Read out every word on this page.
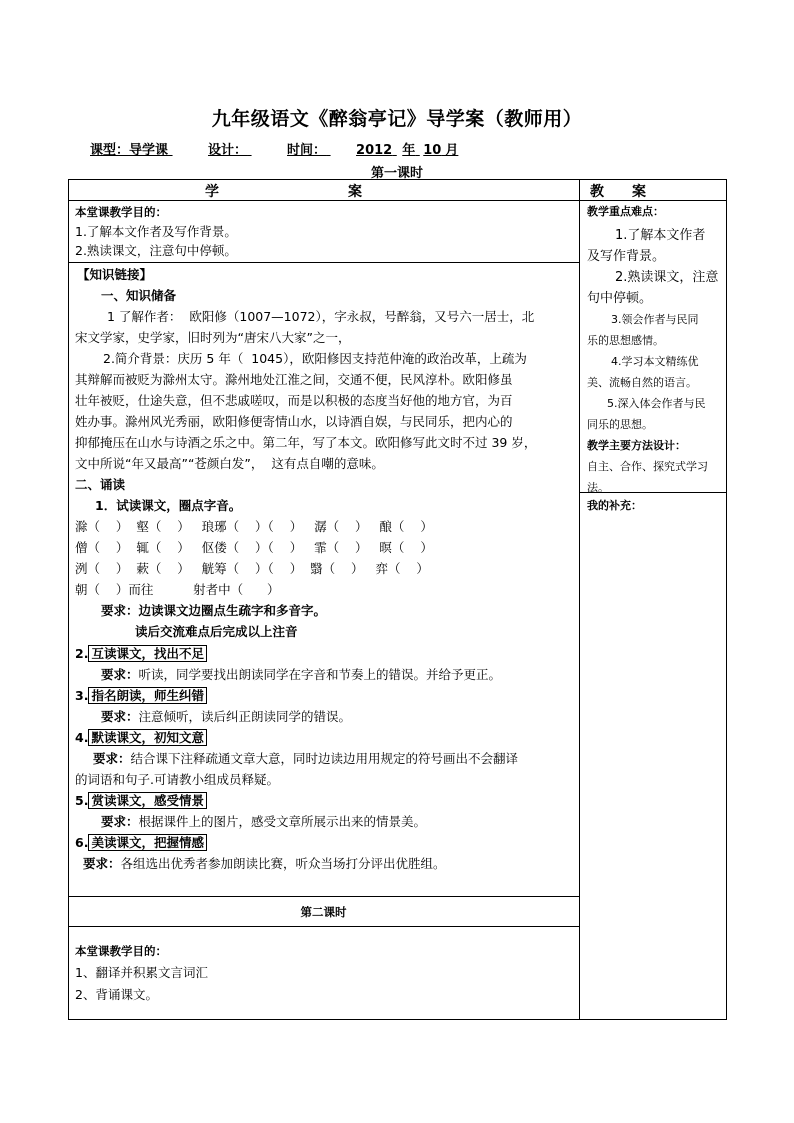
九年级语文《醉翁亭记》导学案（教师用）
课型：导学课	设计：	时间： 2012 年 10 月
第一课时
学	案	教　　案
本堂课教学目的：
1.了解本文作者及写作背景。
2.熟读课文，注意句中停顿。
【知识链接】
一、知识储备
1 了解作者：  欧阳修（1007—1072），字永叔，号醉翁，又号六一居士，北
宋文学家，史学家，旧时列为“唐宋八大家”之一，
2.简介背景：庆历 5 年（  1045），欧阳修因支持范仲淹的政治改革，上疏为
其辩解而被贬为滁州太守。滁州地处江淮之间，交通不便，民风淳朴。欧阳修虽
壮年被贬，仕途失意，但不悲戚嗟叹，而是以积极的态度当好他的地方官，为百
姓办事。滁州风光秀丽，欧阳修便寄情山水，以诗酒自娱，与民同乐，把内心的
抑郁掩压在山水与诗酒之乐之中。第二年，写了本文。欧阳修写此文时不过 39 岁，
文中所说“年又最高”“苍颜白发”，  这有点自嘲的意味。
二、诵读
1．试读课文，圈点字音。
滁（    ）  壑（    ）   琅琊（    ）（    ）   潺（    ）   酿（    ）
僧（    ）  辄（    ）   伛偻（    ）（    ）   霏（    ）   暝（    ）
洌（    ）  蔌（    ）   觥筹（    ）（    ）  翳（    ）   弈（    ）
朝（    ）而往          射者中（      ）
要求：边读课文边圈点生疏字和多音字。
读后交流难点后完成以上注音
2. 互读课文，找出不足
要求：听读，同学要找出朗读同学在字音和节奏上的错误。并给予更正。
3. 指名朗读，师生纠错
要求：注意倾听，读后纠正朗读同学的错误。
4. 默读课文，初知文意
要求：结合课下注释疏通文章大意，同时边读边用用规定的符号画出不会翻译
的词语和句子.可请教小组成员释疑。
5. 赏读课文，感受情景
要求：根据课件上的图片，感受文章所展示出来的情景美。
6. 美读课文，把握情感
要求：各组选出优秀者参加朗读比赛，听众当场打分评出优胜组。
第二课时
本堂课教学目的：
1、翻译并积累文言词汇
2、背诵课文。
教学重点难点：
1.了解本文作者
及写作背景。
2.熟读课文，注意
句中停顿。
3.领会作者与民同
乐的思想感情。
4.学习本文精练优
美、流畅自然的语言。
5.深入体会作者与民
同乐的思想。
教学主要方法设计：
自主、合作、探究式学习
法。
我的补充：
